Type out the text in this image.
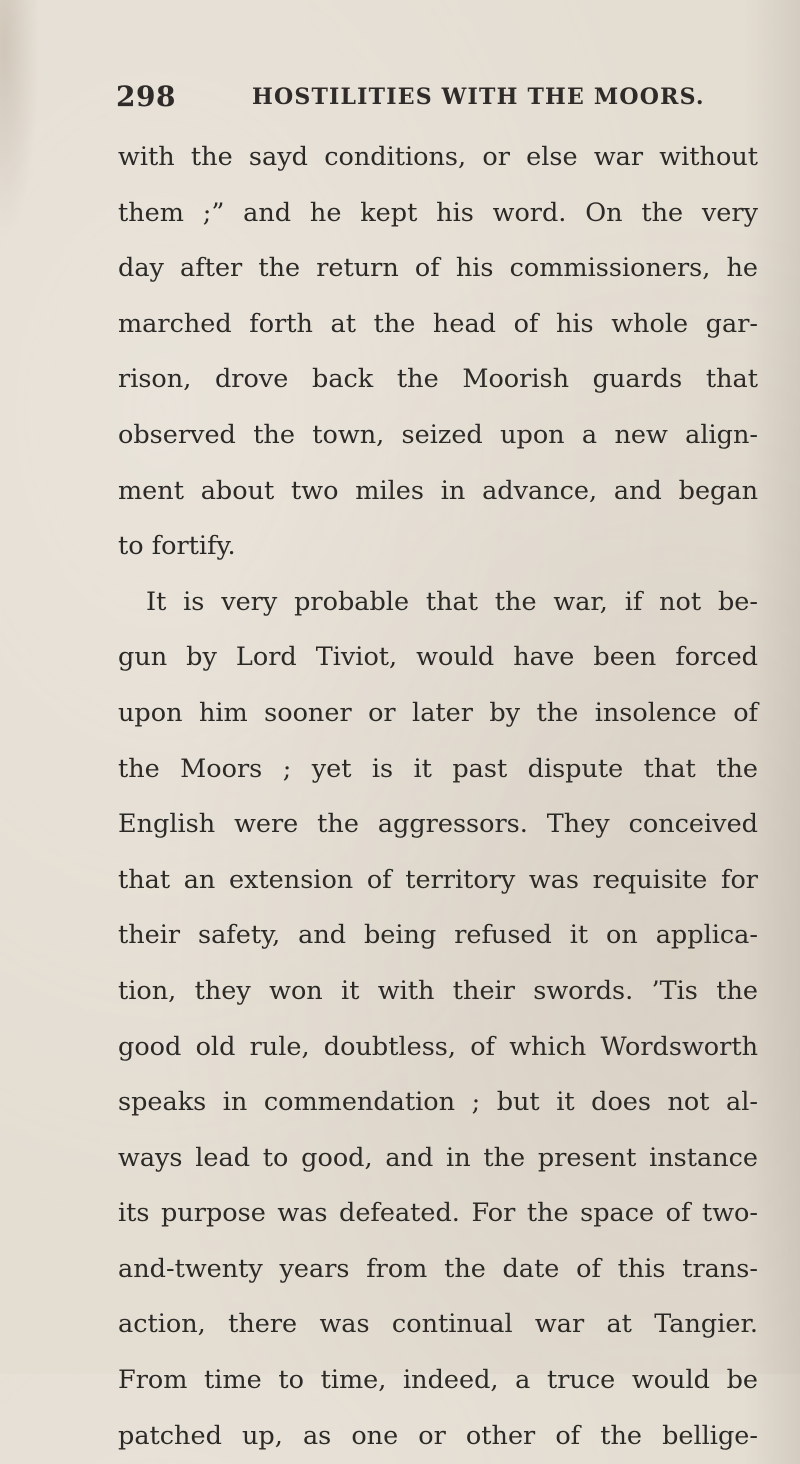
298	HOSTILITIES WITH THE MOORS.
with the sayd conditions, or else war without
them ;” and he kept his word. On the very
day after the return of his commissioners, he
marched forth at the head of his whole gar-
rison, drove back the Moorish guards that
observed the town, seized upon a new align-
ment about two miles in advance, and began
to fortify.
It is very probable that the war, if not be-
gun by Lord Tiviot, would have been forced
upon him sooner or later by the insolence of
the Moors ; yet is it past dispute that the
English were the aggressors. They conceived
that an extension of territory was requisite for
their safety, and being refused it on applica-
tion, they won it with their swords. ’Tis the
good old rule, doubtless, of which Wordsworth
speaks in commendation ; but it does not al-
ways lead to good, and in the present instance
its purpose was defeated. For the space of two-
and-twenty years from the date of this trans-
action, there was continual war at Tangier.
From time to time, indeed, a truce would be
patched up, as one or other of the bellige-
